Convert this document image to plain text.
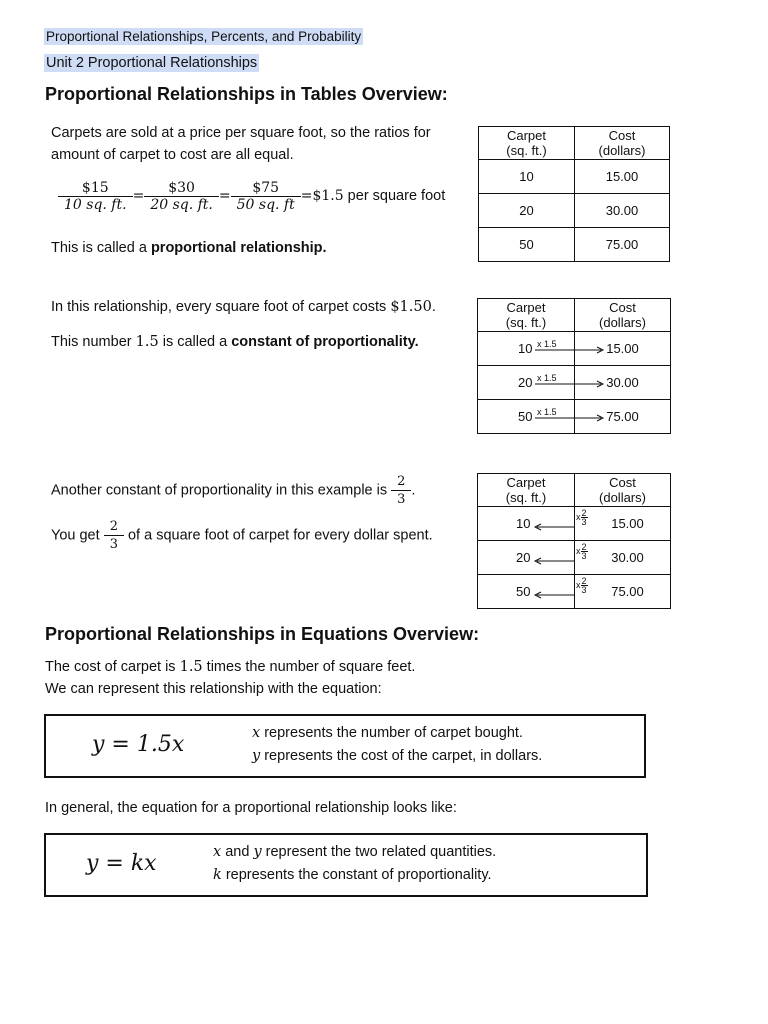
Proportional Relationships, Percents, and Probability
Unit 2 Proportional Relationships
Proportional Relationships in Tables Overview:
Carpets are sold at a price per square foot, so the ratios for
amount of carpet to cost are all equal.
$\frac{\$15}{10 sq. ft.} = \frac{\$30}{20 sq. ft.} = \frac{\$75}{50 sq. ft}$ =$1.5 per square foot
This is called a proportional relationship.
In this relationship, every square foot of carpet costs $1.50.
This number 1.5 is called a constant of proportionality.
Another constant of proportionality in this example is $\frac{2}{3}$ .
You get $\frac{2}{3}$ of a square foot of carpet for every dollar spent.
Carpet
(sq. ft.)	Cost
(dollars)
10	15.00
20	30.00
50	75.00
Carpet
(sq. ft.)	Cost
(dollars)
10	15.00
20	30.00
50	75.00
x 1.5
x 1.5
x 1.5
Carpet
(sq. ft.)	Cost
(dollars)
10	15.00
20	30.00
50	75.00
x $\frac{2}{3}$
x $\frac{2}{3}$
x $\frac{2}{3}$
Proportional Relationships in Equations Overview:
The cost of carpet is 1.5 times the number of square feet.
We can represent this relationship with the equation:
y = 1.5x	x represents the number of carpet bought.
y represents the cost of the carpet, in dollars.
In general, the equation for a proportional relationship looks like:
y = kx	x and y represent the two related quantities.
k represents the constant of proportionality.
